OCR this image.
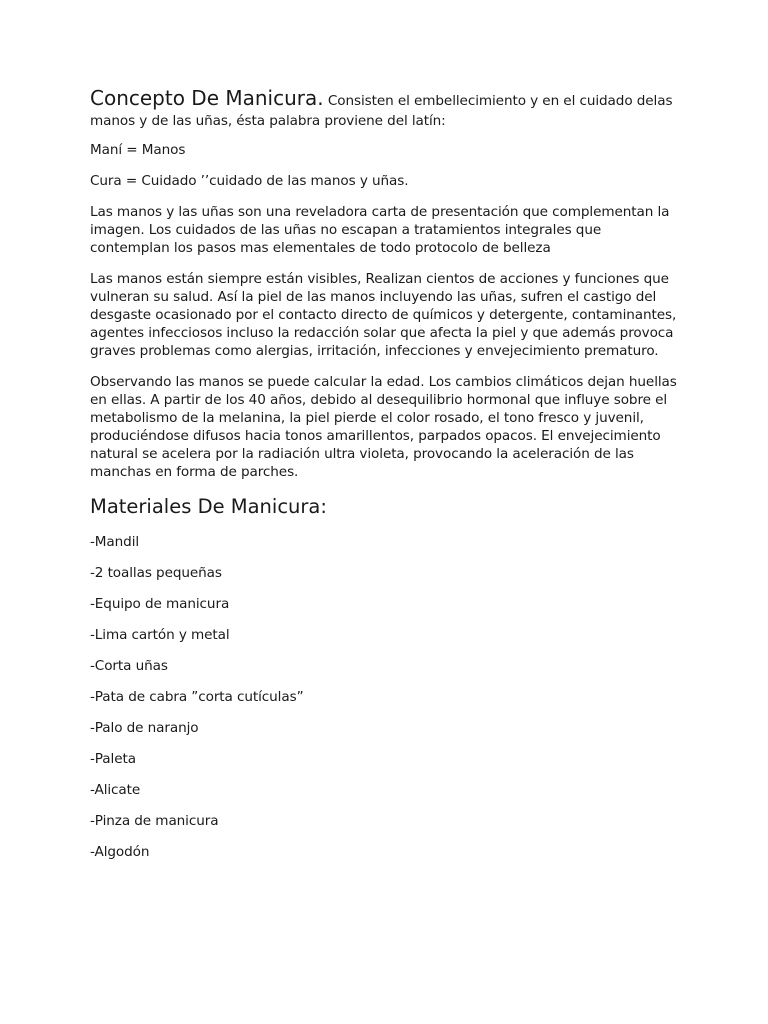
Concepto De Manicura. Consisten el embellecimiento y en el cuidado delas manos y de las uñas, ésta palabra proviene del latín:

Maní = Manos

Cura = Cuidado ’’cuidado de las manos y uñas.

Las manos y las uñas son una reveladora carta de presentación que complementan la imagen. Los cuidados de las uñas no escapan a tratamientos integrales que contemplan los pasos mas elementales de todo protocolo de belleza

Las manos están siempre están visibles, Realizan cientos de acciones y funciones que vulneran su salud. Así la piel de las manos incluyendo las uñas, sufren el castigo del desgaste ocasionado por el contacto directo de químicos y detergente, contaminantes, agentes infecciosos incluso la redacción solar que afecta la piel y que además provoca graves problemas como alergias, irritación, infecciones y envejecimiento prematuro.

Observando las manos se puede calcular la edad. Los cambios climáticos dejan huellas en ellas. A partir de los 40 años, debido al desequilibrio hormonal que influye sobre el metabolismo de la melanina, la piel pierde el color rosado, el tono fresco y juvenil, produciéndose difusos hacia tonos amarillentos, parpados opacos. El envejecimiento natural se acelera por la radiación ultra violeta, provocando la aceleración de las manchas en forma de parches.

Materiales De Manicura:
-Mandil
-2 toallas pequeñas
-Equipo de manicura
-Lima cartón y metal
-Corta uñas
-Pata de cabra ”corta cutículas”
-Palo de naranjo
-Paleta
-Alicate
-Pinza de manicura
-Algodón
